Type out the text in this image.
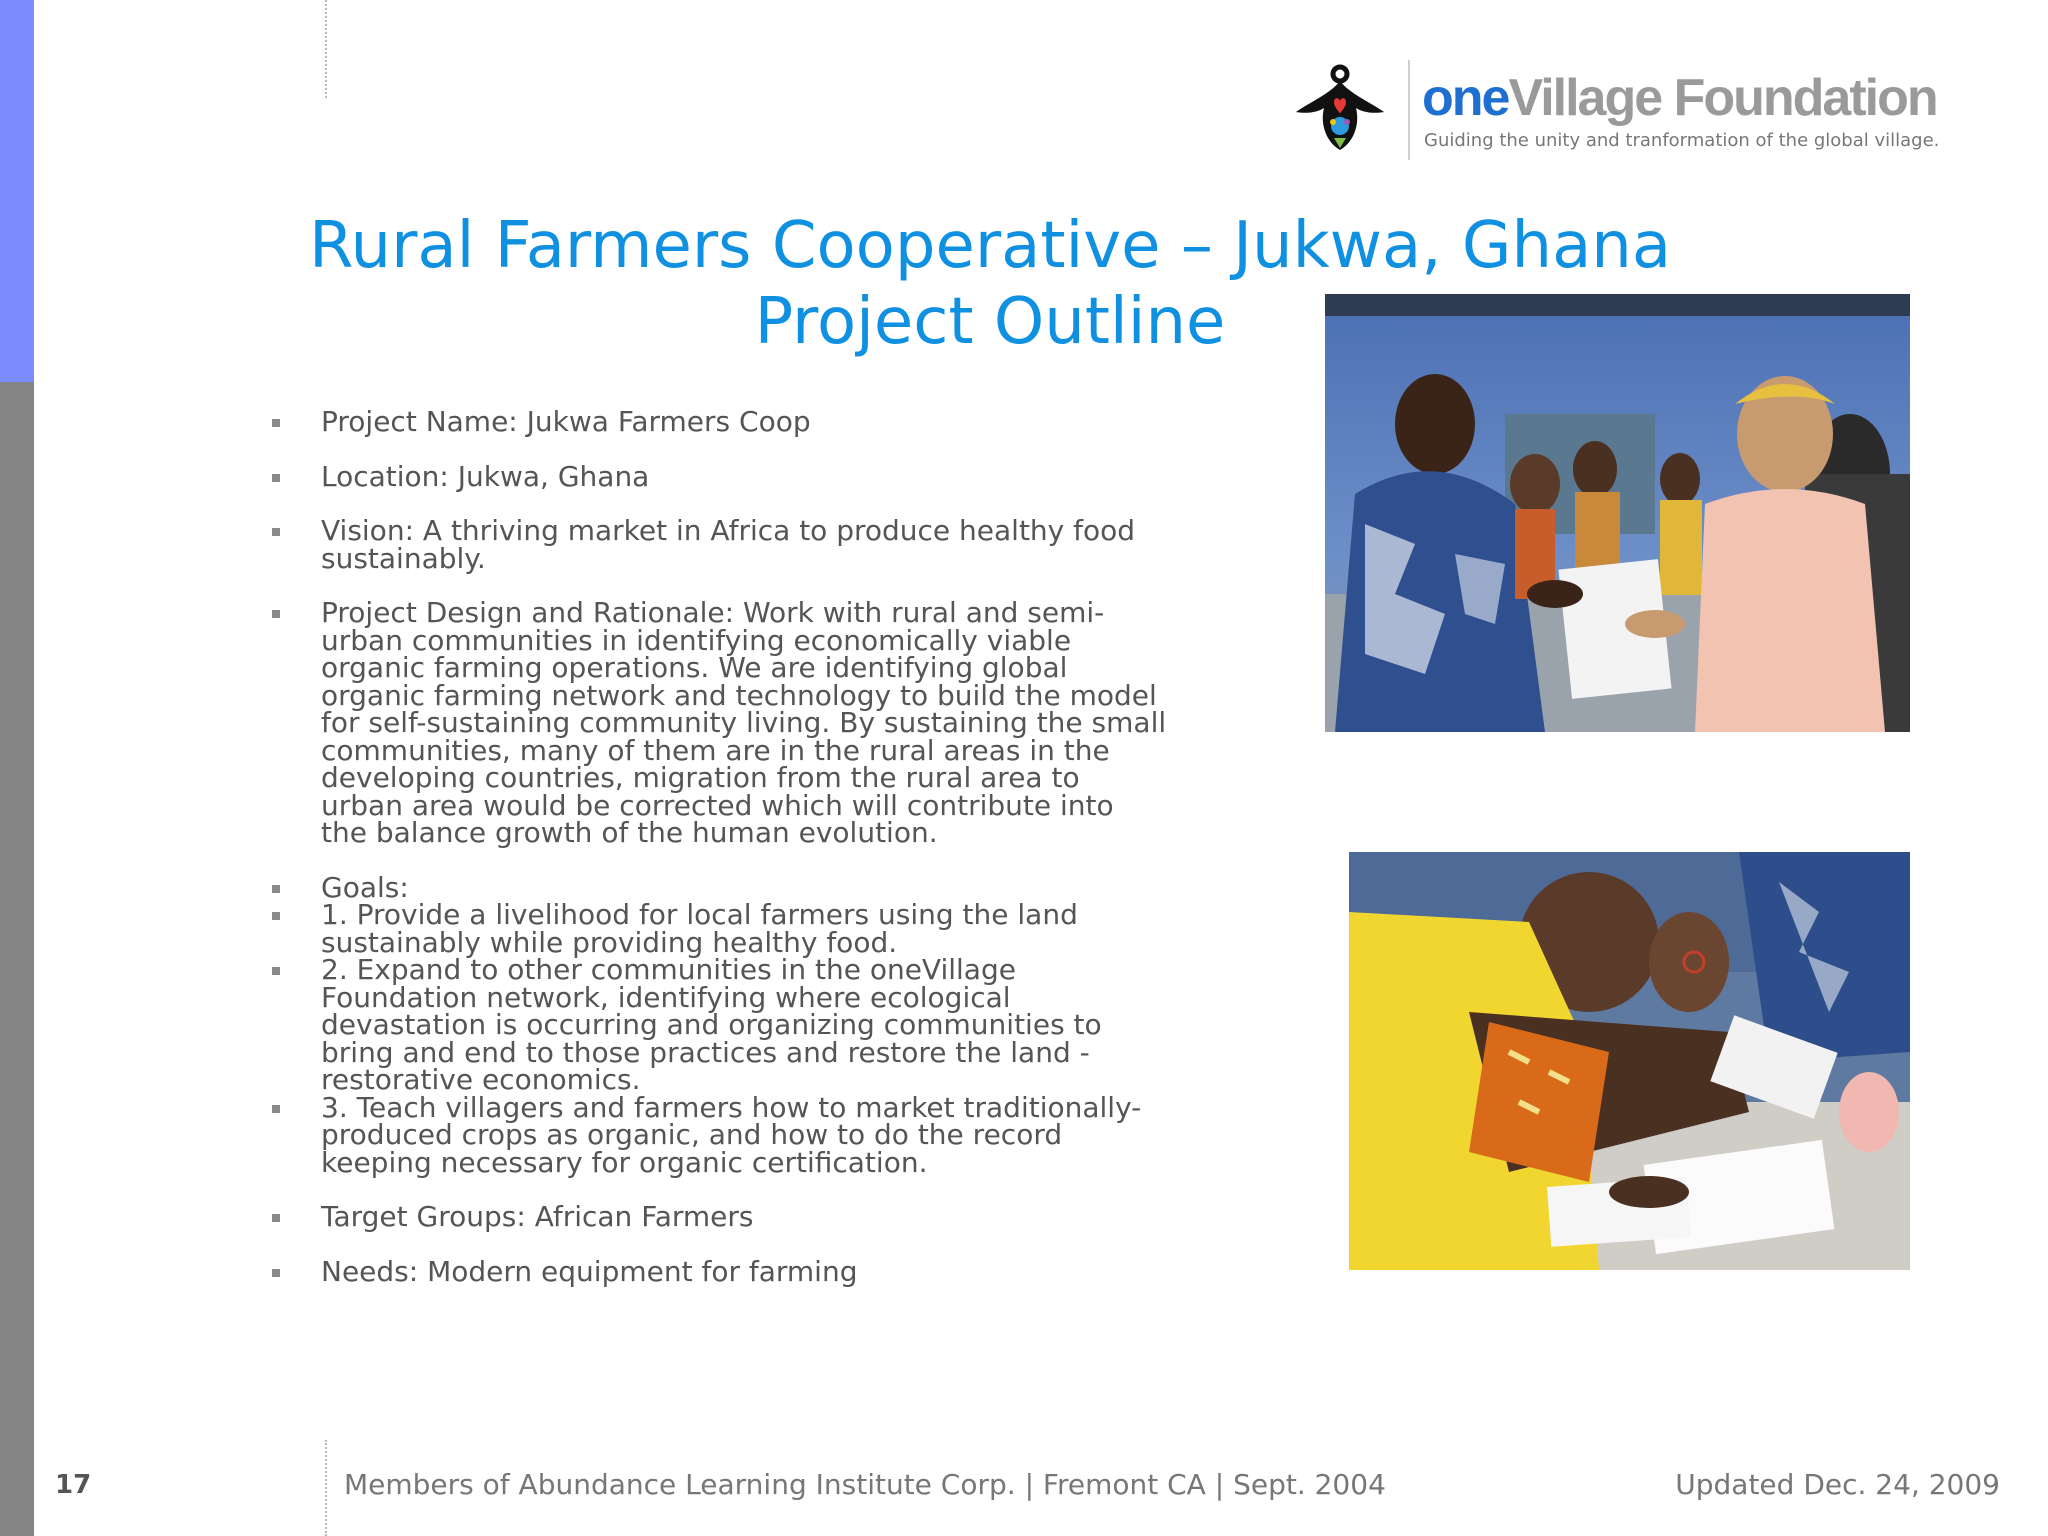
oneVillage Foundation
Guiding the unity and tranformation of the global village.
Rural Farmers Cooperative – Jukwa, Ghana
Project Outline
Project Name: Jukwa Farmers Coop
Location: Jukwa, Ghana
Vision: A thriving market in Africa to produce healthy food sustainably.
Project Design and Rationale: Work with rural and semi-urban communities in identifying economically viable organic farming operations. We are identifying global organic farming network and technology to build the model for self-sustaining community living. By sustaining the small communities, many of them are in the rural areas in the developing countries, migration from the rural area to urban area would be corrected which will contribute into the balance growth of the human evolution.
Goals:
1. Provide a livelihood for local farmers using the land sustainably while providing healthy food.
2. Expand to other communities in the oneVillage Foundation network, identifying where ecological devastation is occurring and organizing communities to bring and end to those practices and restore the land - restorative economics.
3. Teach villagers and farmers how to market traditionally-produced crops as organic, and how to do the record keeping necessary for organic certification.
Target Groups: African Farmers
Needs: Modern equipment for farming
17	Members of Abundance Learning Institute Corp. | Fremont CA | Sept. 2004	Updated Dec. 24, 2009
